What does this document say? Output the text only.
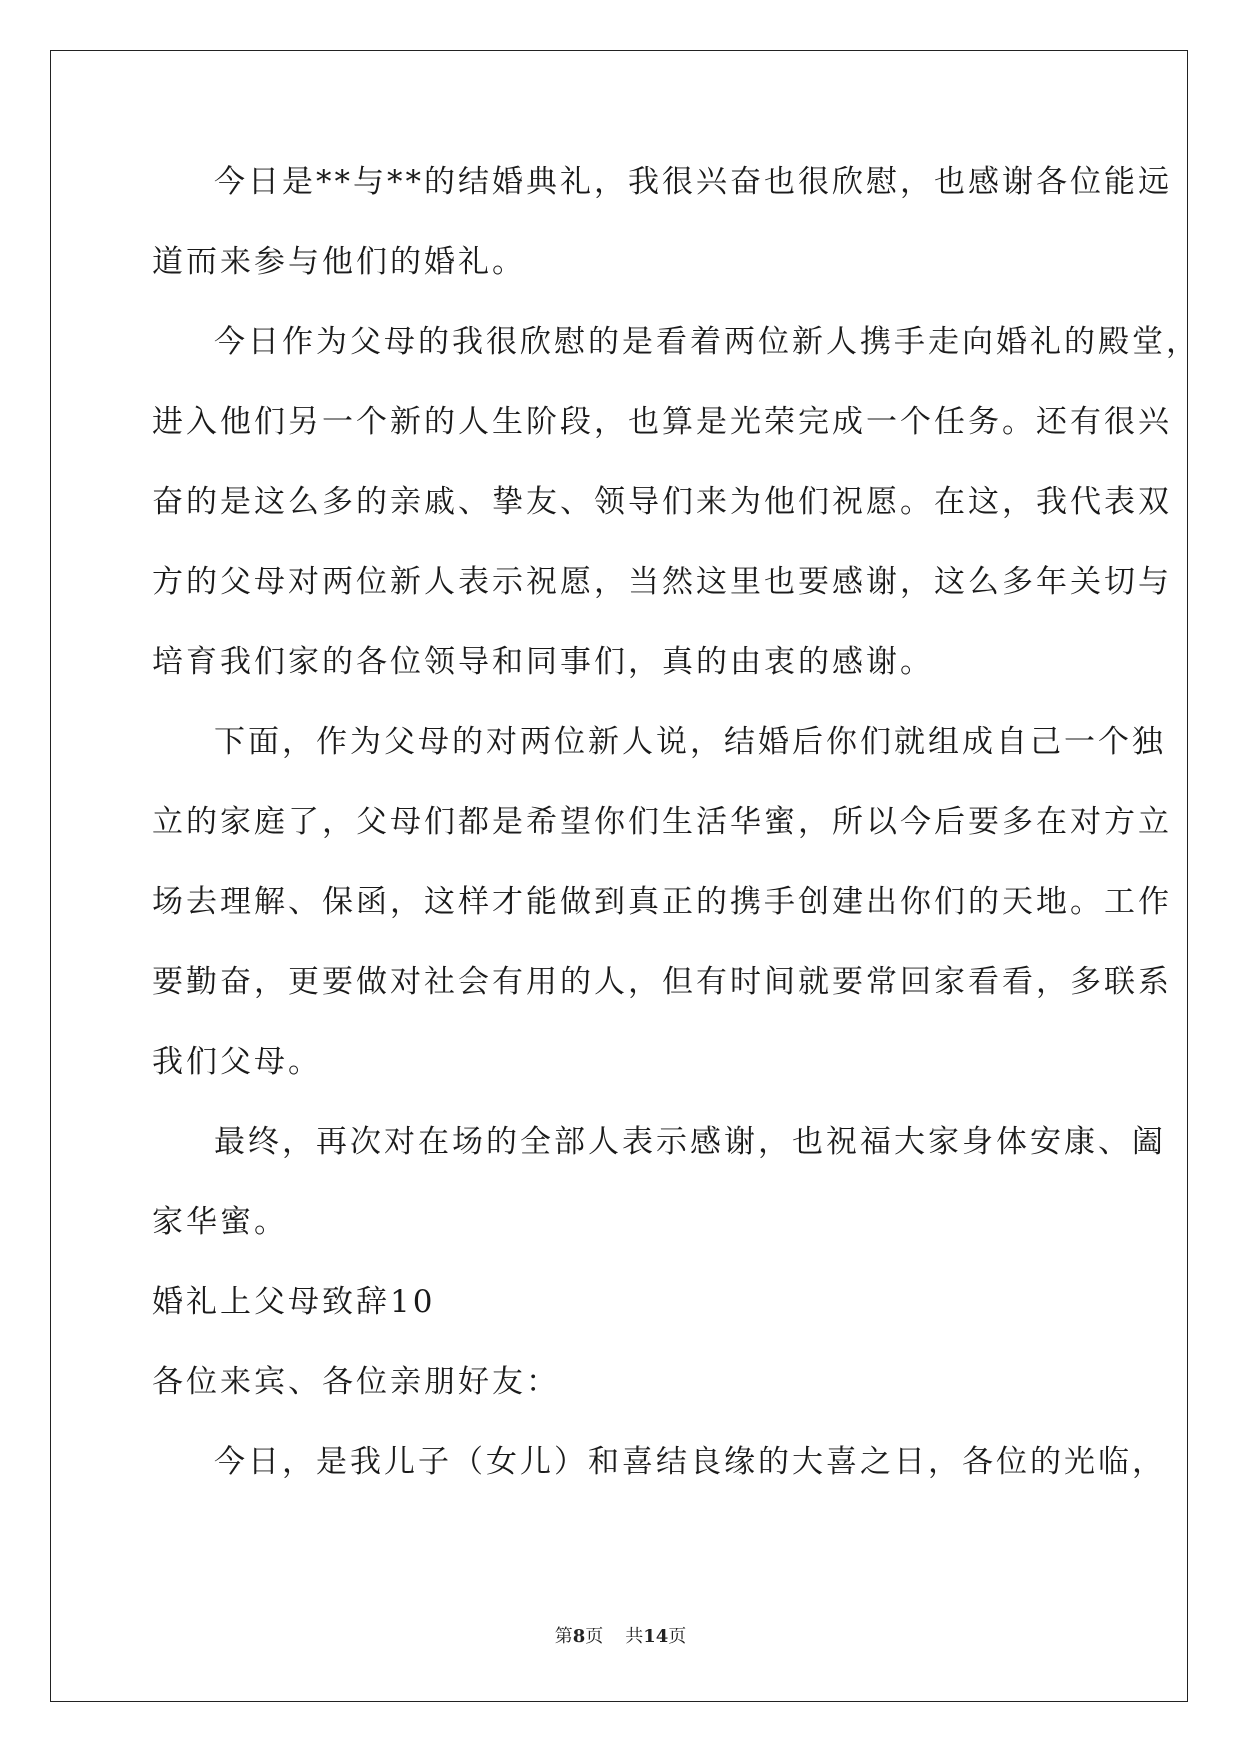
今日是**与**的结婚典礼，我很兴奋也很欣慰，也感谢各位能远
道而来参与他们的婚礼。
今日作为父母的我很欣慰的是看着两位新人携手走向婚礼的殿堂，
进入他们另一个新的人生阶段，也算是光荣完成一个任务。还有很兴
奋的是这么多的亲戚、挚友、领导们来为他们祝愿。在这，我代表双
方的父母对两位新人表示祝愿，当然这里也要感谢，这么多年关切与
培育我们家的各位领导和同事们，真的由衷的感谢。
下面，作为父母的对两位新人说，结婚后你们就组成自己一个独
立的家庭了，父母们都是希望你们生活华蜜，所以今后要多在对方立
场去理解、保函，这样才能做到真正的携手创建出你们的天地。工作
要勤奋，更要做对社会有用的人，但有时间就要常回家看看，多联系
我们父母。
最终，再次对在场的全部人表示感谢，也祝福大家身体安康、阖
家华蜜。
婚礼上父母致辞10
各位来宾、各位亲朋好友：
今日，是我儿子（女儿）和喜结良缘的大喜之日，各位的光临，
第8页 共14页
